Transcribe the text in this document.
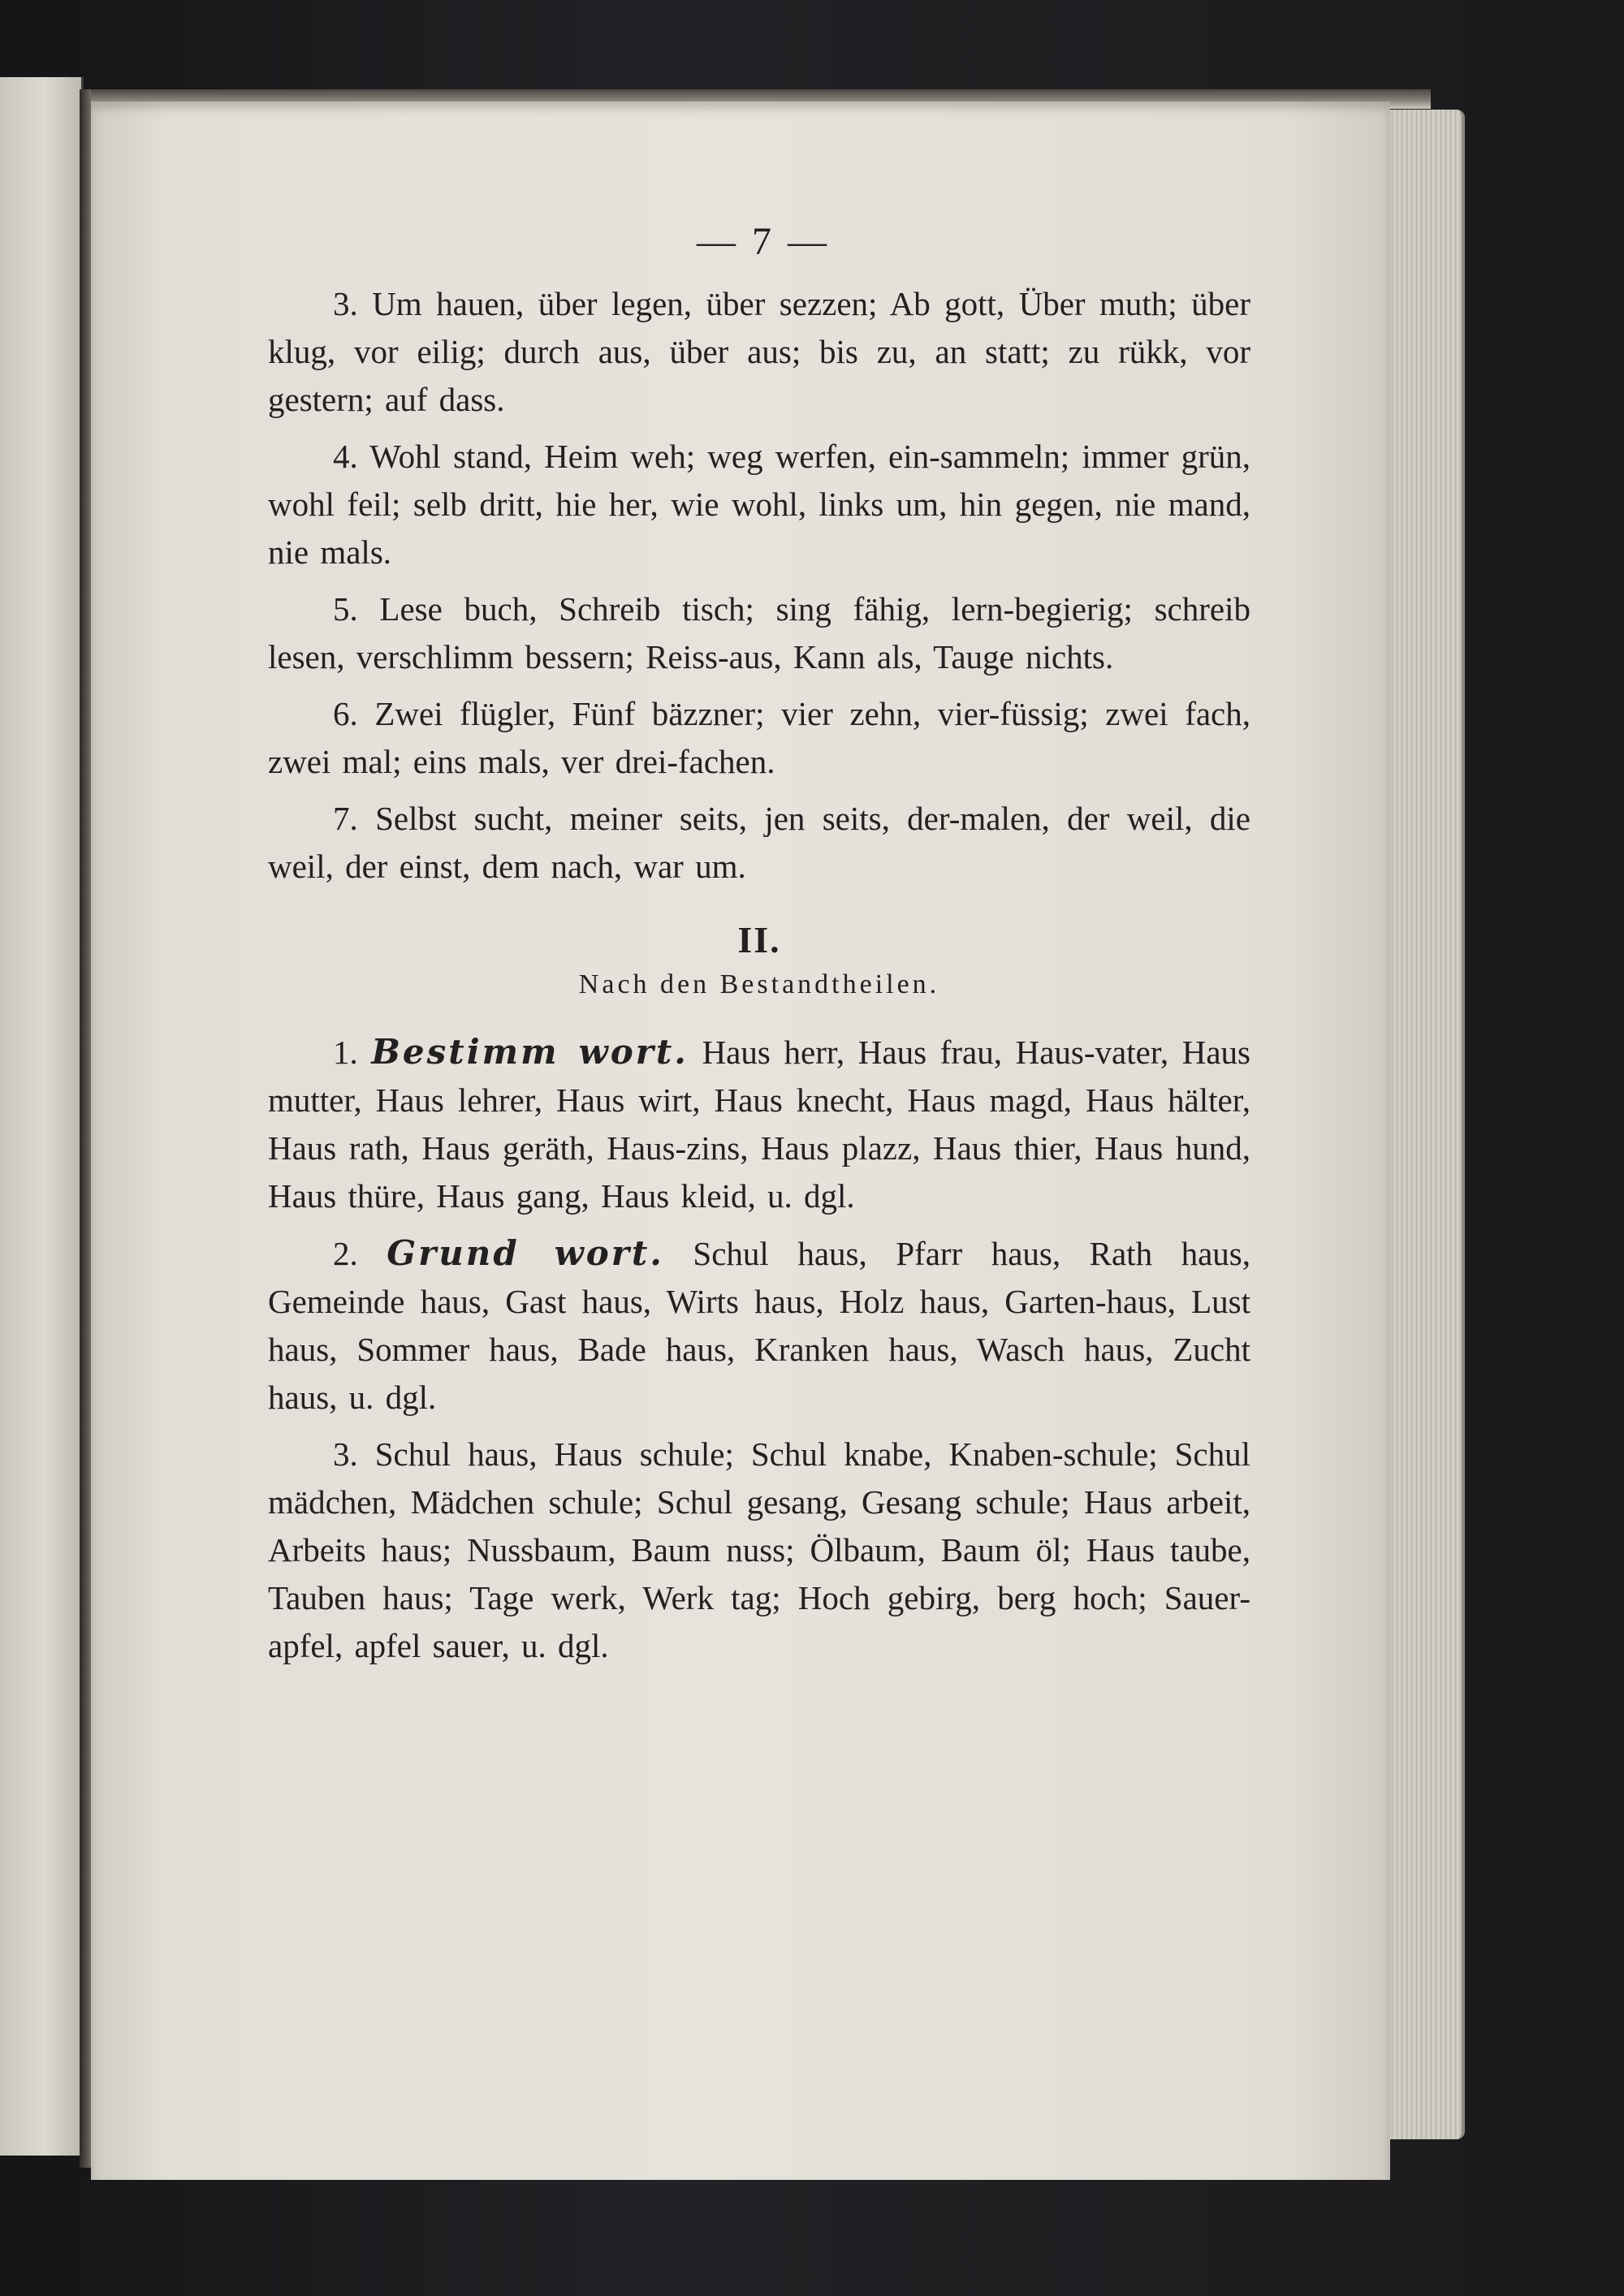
— 7 —

3. Um hauen, über legen, über sezzen; Ab gott, Über muth; über klug, vor eilig; durch aus, über aus; bis zu, an statt; zu rükk, vor gestern; auf dass.

4. Wohl stand, Heim weh; weg werfen, ein-sammeln; immer grün, wohl feil; selb dritt, hie her, wie wohl, links um, hin gegen, nie mand, nie mals.

5. Lese buch, Schreib tisch; sing fähig, lern-begierig; schreib lesen, verschlimm bessern; Reiss-aus, Kann als, Tauge nichts.

6. Zwei flügler, Fünf bäzzner; vier zehn, vier-füssig; zwei fach, zwei mal; eins mals, ver drei-fachen.

7. Selbst sucht, meiner seits, jen seits, der-malen, der weil, die weil, der einst, dem nach, war um.

II.
Nach den Bestandtheilen.

1. Bestimm wort. Haus herr, Haus frau, Haus-vater, Haus mutter, Haus lehrer, Haus wirt, Haus knecht, Haus magd, Haus hälter, Haus rath, Haus geräth, Haus-zins, Haus plazz, Haus thier, Haus hund, Haus thüre, Haus gang, Haus kleid, u. dgl.

2. Grund wort. Schul haus, Pfarr haus, Rath haus, Gemeinde haus, Gast haus, Wirts haus, Holz haus, Garten-haus, Lust haus, Sommer haus, Bade haus, Kranken haus, Wasch haus, Zucht haus, u. dgl.

3. Schul haus, Haus schule; Schul knabe, Knaben-schule; Schul mädchen, Mädchen schule; Schul gesang, Gesang schule; Haus arbeit, Arbeits haus; Nussbaum, Baum nuss; Ölbaum, Baum öl; Haus taube, Tauben haus; Tage werk, Werk tag; Hoch gebirg, berg hoch; Sauer-apfel, apfel sauer, u. dgl.
